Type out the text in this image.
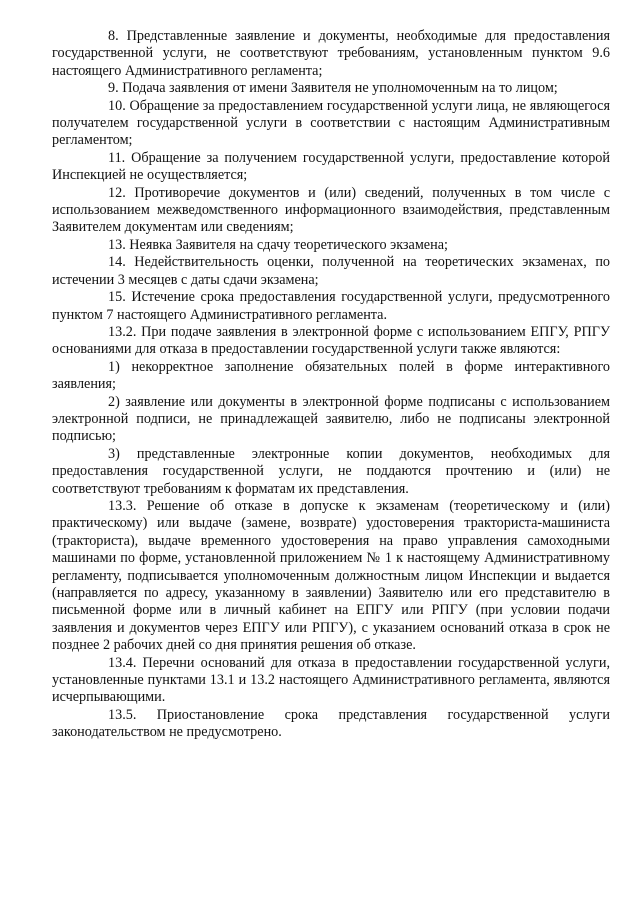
8. Представленные заявление и документы, необходимые для предоставления государственной услуги, не соответствуют требованиям, установленным пунктом 9.6 настоящего Административного регламента;

9. Подача заявления от имени Заявителя не уполномоченным на то лицом;

10. Обращение за предоставлением государственной услуги лица, не являющегося получателем государственной услуги в соответствии с настоящим Административным регламентом;

11. Обращение за получением государственной услуги, предоставление которой Инспекцией не осуществляется;

12. Противоречие документов и (или) сведений, полученных в том числе с использованием межведомственного информационного взаимодействия, представленным Заявителем документам или сведениям;

13. Неявка Заявителя на сдачу теоретического экзамена;

14. Недействительность оценки, полученной на теоретических экзаменах, по истечении 3 месяцев с даты сдачи экзамена;

15. Истечение срока предоставления государственной услуги, предусмотренного пунктом 7 настоящего Административного регламента.

13.2. При подаче заявления в электронной форме с использованием ЕПГУ, РПГУ основаниями для отказа в предоставлении государственной услуги также являются:

1) некорректное заполнение обязательных полей в форме интерактивного заявления;

2) заявление или документы в электронной форме подписаны с использованием электронной подписи, не принадлежащей заявителю, либо не подписаны электронной подписью;

3) представленные электронные копии документов, необходимых для предоставления государственной услуги, не поддаются прочтению и (или) не соответствуют требованиям к форматам их представления.

13.3. Решение об отказе в допуске к экзаменам (теоретическому и (или) практическому) или выдаче (замене, возврате) удостоверения тракториста-машиниста (тракториста), выдаче временного удостоверения на право управления самоходными машинами по форме, установленной приложением № 1 к настоящему Административному регламенту, подписывается уполномоченным должностным лицом Инспекции и выдается (направляется по адресу, указанному в заявлении) Заявителю или его представителю в письменной форме или в личный кабинет на ЕПГУ или РПГУ (при условии подачи заявления и документов через ЕПГУ или РПГУ), с указанием оснований отказа в срок не позднее 2 рабочих дней со дня принятия решения об отказе.

13.4. Перечни оснований для отказа в предоставлении государственной услуги, установленные пунктами 13.1 и 13.2 настоящего Административного регламента, являются исчерпывающими.

13.5. Приостановление срока представления государственной услуги законодательством не предусмотрено.
